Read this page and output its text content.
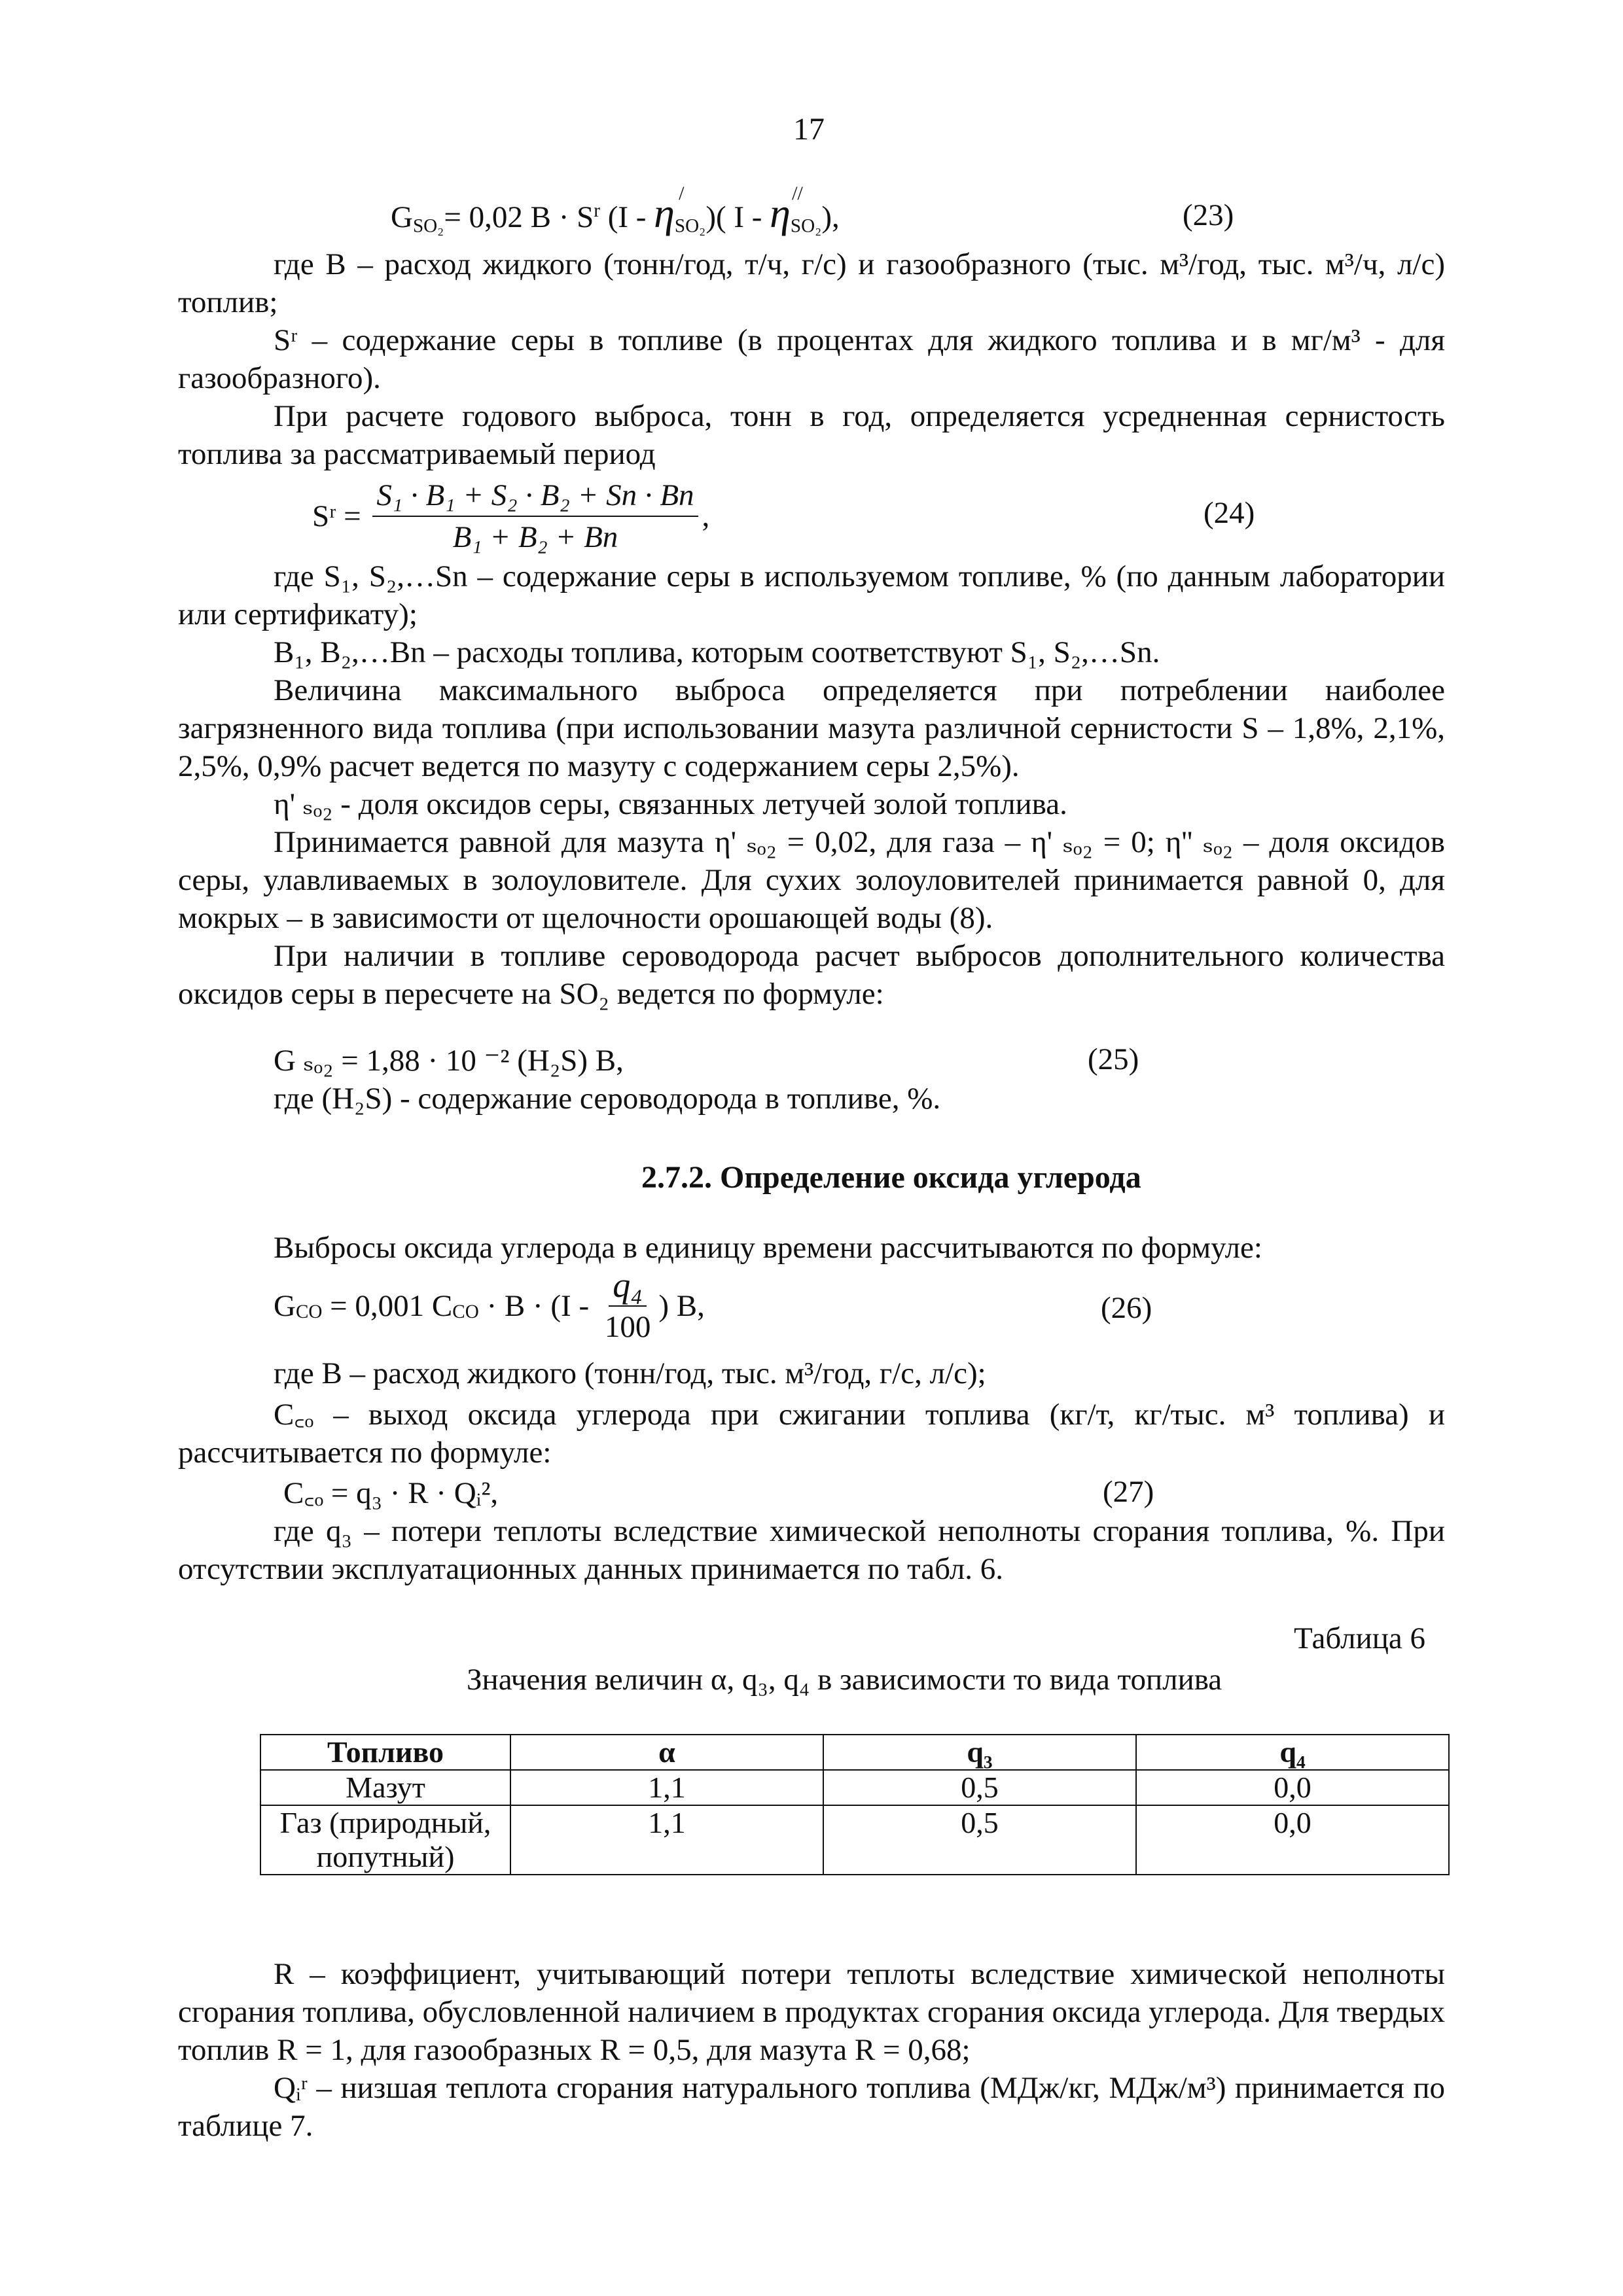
17
$G_{SO_2}= 0,02$ $B \cdot S^r$ (I -
/
$\eta_{SO_2}$)( I -
//
$\eta_{SO_2}$),	(23)
где B – расход жидкого (тонн/год, т/ч, г/с) и газообразного (тыс. м³/год, тыс. м³/ч, л/с) топлив;
Sʳ – содержание серы в топливе (в процентах для жидкого топлива и в мг/м³ - для газообразного).
При расчете годового выброса, тонн в год, определяется усредненная сернистость топлива за рассматриваемый период
Sʳ = $\frac{\text{S₁ · B₁ + S₂ · B₂ + Sn · Bn}}{\text{B₁ + B₂ + Bn}}$ ,	(24)
где S₁, S₂,…Sn – содержание серы в используемом топливе, % (по данным лаборатории или сертификату);
B₁, B₂,…Bn – расходы топлива, которым соответствуют S₁, S₂,…Sn.
Величина максимального выброса определяется при потреблении наиболее загрязненного вида топлива (при использовании мазута различной сернистости S – 1,8%, 2,1%, 2,5%, 0,9% расчет ведется по мазуту с содержанием серы 2,5%).
η' ₛₒ₂ - доля оксидов серы, связанных летучей золой топлива.
Принимается равной для мазута η' ₛₒ₂ = 0,02, для газа – η' ₛₒ₂ = 0; η'' ₛₒ₂ – доля оксидов серы, улавливаемых в золоуловителе. Для сухих золоуловителей принимается равной 0, для мокрых – в зависимости от щелочности орошающей воды (8).
При наличии в топливе сероводорода расчет выбросов дополнительного количества оксидов серы в пересчете на SO₂ ведется по формуле:
G ₛₒ₂ = 1,88 · 10 ⁻² (H₂S) B,	(25)
где (H₂S) - содержание сероводорода в топливе, %.
2.7.2. Определение оксида углерода
Выбросы оксида углерода в единицу времени рассчитываются по формуле:
$G_{CO} = 0,001$ $C_{CO} \cdot B \cdot (I - \frac{\text{q₄}}{100}$ ) B,	(26)
где B – расход жидкого (тонн/год, тыс. м³/год, г/с, л/с);
C꜀ₒ – выход оксида углерода при сжигании топлива (кг/т, кг/тыс. м³ топлива) и рассчитывается по формуле:
C꜀ₒ = q₃ · R · Qᵢ²,	(27)
где q₃ – потери теплоты вследствие химической неполноты сгорания топлива, %. При отсутствии эксплуатационных данных принимается по табл. 6.
Таблица 6
Значения величин α, q₃, q₄ в зависимости то вида топлива
Топливо	α	q₃	q₄
Мазут	1,1	0,5	0,0
Газ (природный, попутный)	1,1	0,5	0,0
R – коэффициент, учитывающий потери теплоты вследствие химической неполноты сгорания топлива, обусловленной наличием в продуктах сгорания оксида углерода. Для твердых топлив R = 1, для газообразных R = 0,5, для мазута R = 0,68;
Qᵢʳ – низшая теплота сгорания натурального топлива (МДж/кг, МДж/м³) принимается по таблице 7.
